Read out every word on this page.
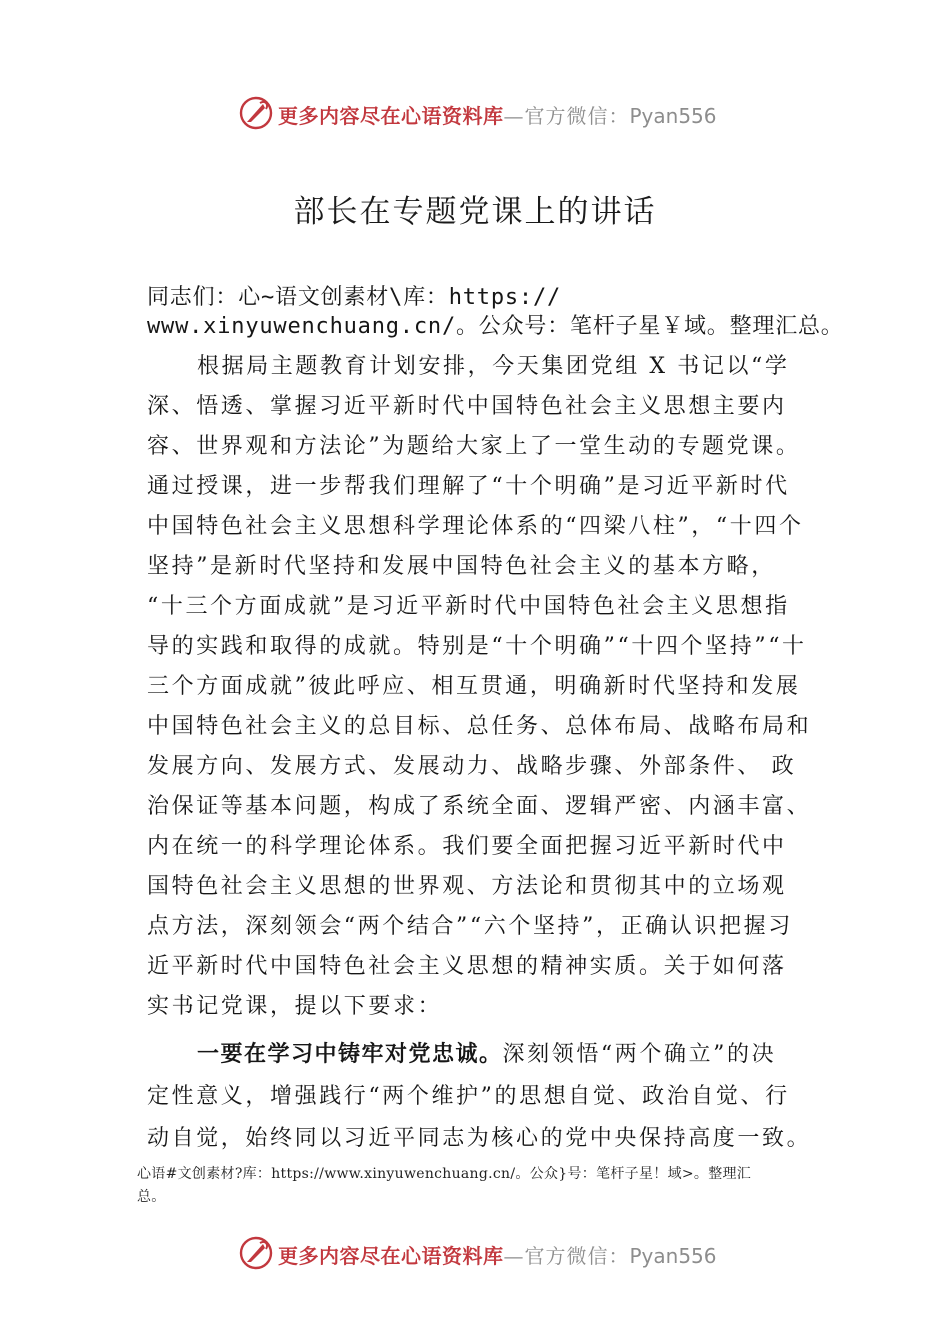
更多内容尽在心语资料库—官方微信：Pyan556
部长在专题党课上的讲话
同志们：心~语文创素材\库：https://
www.xinyuwenchuang.cn/。公众号：笔杆子星￥域。整理汇总。
根据局主题教育计划安排，今天集团党组 X 书记以“学
深、悟透、掌握习近平新时代中国特色社会主义思想主要内
容、世界观和方法论”为题给大家上了一堂生动的专题党课。
通过授课，进一步帮我们理解了“十个明确”是习近平新时代
中国特色社会主义思想科学理论体系的“四梁八柱”，“十四个
坚持”是新时代坚持和发展中国特色社会主义的基本方略，
“十三个方面成就”是习近平新时代中国特色社会主义思想指
导的实践和取得的成就。特别是“十个明确”“十四个坚持”“十
三个方面成就”彼此呼应、相互贯通，明确新时代坚持和发展
中国特色社会主义的总目标、总任务、总体布局、战略布局和
发展方向、发展方式、发展动力、战略步骤、外部条件、 政
治保证等基本问题，构成了系统全面、逻辑严密、内涵丰富、
内在统一的科学理论体系。我们要全面把握习近平新时代中
国特色社会主义思想的世界观、方法论和贯彻其中的立场观
点方法，深刻领会“两个结合”“六个坚持”，正确认识把握习
近平新时代中国特色社会主义思想的精神实质。关于如何落
实书记党课，提以下要求：
一要在学习中铸牢对党忠诚。深刻领悟“两个确立”的决
定性意义，增强践行“两个维护”的思想自觉、政治自觉、行
动自觉，始终同以习近平同志为核心的党中央保持高度一致。
心语#文创素材?库：https://www.xinyuwenchuang.cn/。公众}号：笔杆子星！域>。整理汇
总。
更多内容尽在心语资料库—官方微信：Pyan556
